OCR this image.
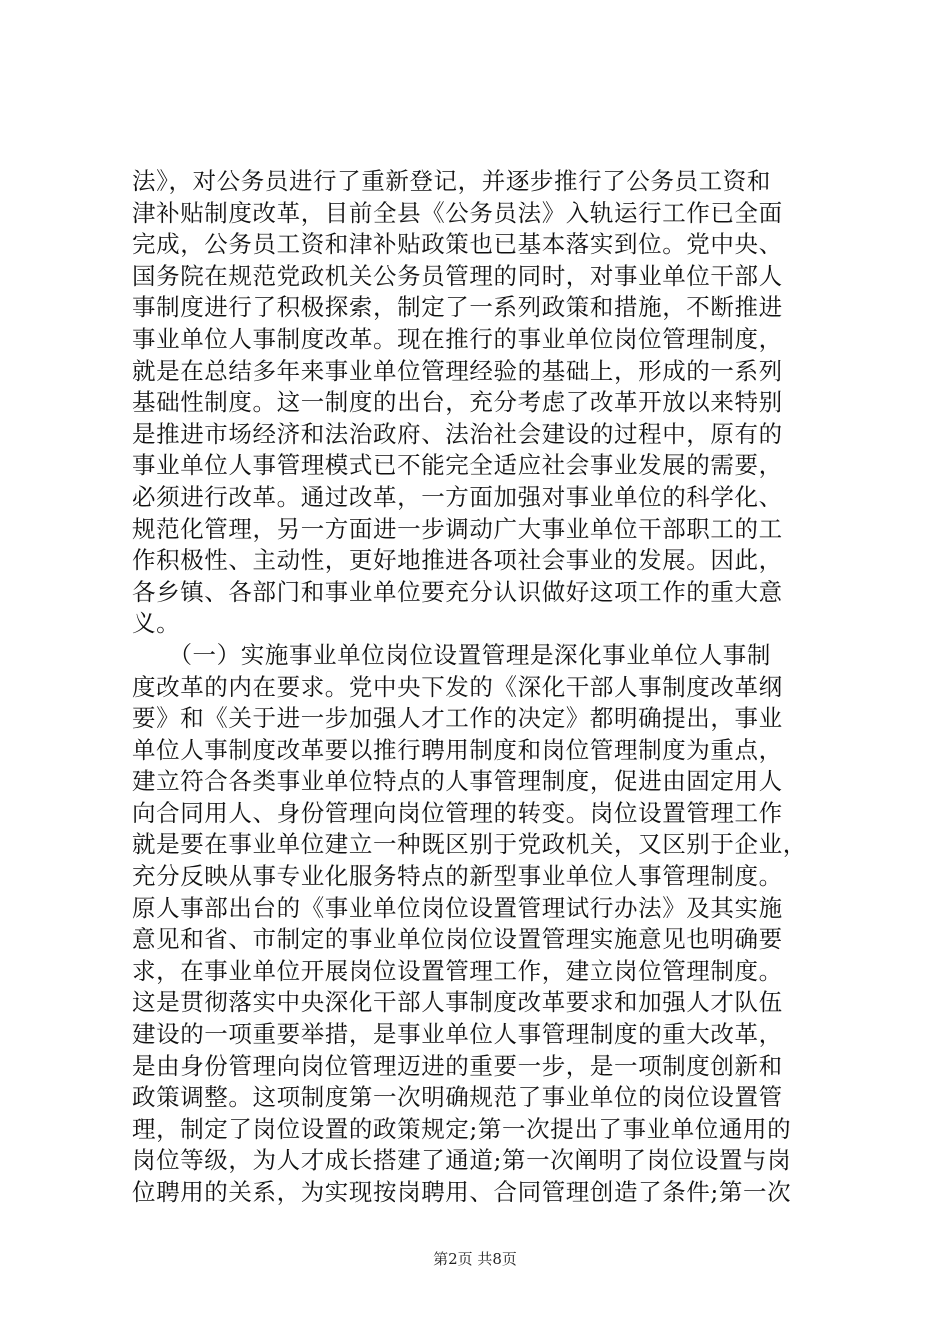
法》，对公务员进行了重新登记，并逐步推行了公务员工资和
津补贴制度改革，目前全县《公务员法》入轨运行工作已全面
完成，公务员工资和津补贴政策也已基本落实到位。党中央、
国务院在规范党政机关公务员管理的同时，对事业单位干部人
事制度进行了积极探索，制定了一系列政策和措施，不断推进
事业单位人事制度改革。现在推行的事业单位岗位管理制度，
就是在总结多年来事业单位管理经验的基础上，形成的一系列
基础性制度。这一制度的出台，充分考虑了改革开放以来特别
是推进市场经济和法治政府、法治社会建设的过程中，原有的
事业单位人事管理模式已不能完全适应社会事业发展的需要，
必须进行改革。通过改革，一方面加强对事业单位的科学化、
规范化管理，另一方面进一步调动广大事业单位干部职工的工
作积极性、主动性，更好地推进各项社会事业的发展。因此，
各乡镇、各部门和事业单位要充分认识做好这项工作的重大意
义。
　　（一）实施事业单位岗位设置管理是深化事业单位人事制
度改革的内在要求。党中央下发的《深化干部人事制度改革纲
要》和《关于进一步加强人才工作的决定》都明确提出，事业
单位人事制度改革要以推行聘用制度和岗位管理制度为重点，
建立符合各类事业单位特点的人事管理制度，促进由固定用人
向合同用人、身份管理向岗位管理的转变。岗位设置管理工作
就是要在事业单位建立一种既区别于党政机关，又区别于企业，
充分反映从事专业化服务特点的新型事业单位人事管理制度。
原人事部出台的《事业单位岗位设置管理试行办法》及其实施
意见和省、市制定的事业单位岗位设置管理实施意见也明确要
求，在事业单位开展岗位设置管理工作，建立岗位管理制度。
这是贯彻落实中央深化干部人事制度改革要求和加强人才队伍
建设的一项重要举措，是事业单位人事管理制度的重大改革，
是由身份管理向岗位管理迈进的重要一步，是一项制度创新和
政策调整。这项制度第一次明确规范了事业单位的岗位设置管
理，制定了岗位设置的政策规定;第一次提出了事业单位通用的
岗位等级，为人才成长搭建了通道;第一次阐明了岗位设置与岗
位聘用的关系，为实现按岗聘用、合同管理创造了条件;第一次
第2页 共8页
